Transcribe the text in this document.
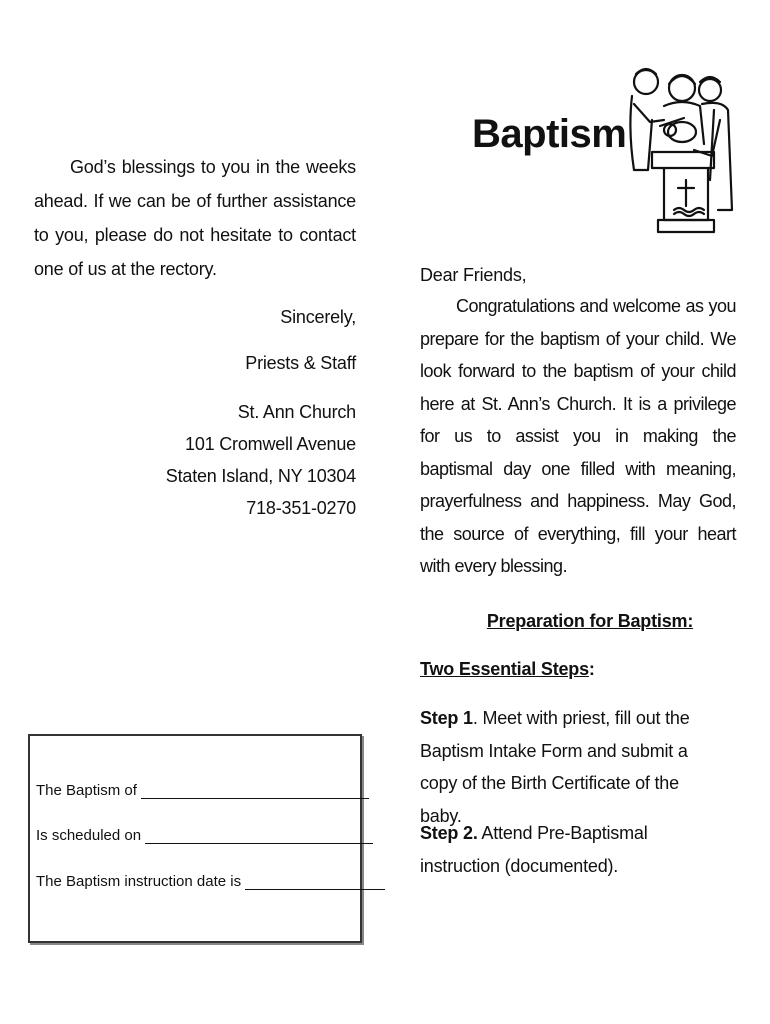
God’s blessings to you in the weeks ahead. If we can be of further assistance to you, please do not hesitate to contact one of us at the rectory.

Sincerely,

Priests & Staff

St. Ann Church
101 Cromwell Avenue
Staten Island, NY 10304
718-351-0270
The Baptism of
Is scheduled on
The Baptism instruction date is
Baptism

Dear Friends,

Congratulations and welcome as you prepare for the baptism of your child. We look forward to the baptism of your child here at St. Ann’s Church. It is a privilege for us to assist you in making the baptismal day one filled with meaning, prayerfulness and happiness. May God, the source of everything, fill your heart with every blessing.

Preparation for Baptism:

Two Essential Steps:

Step 1. Meet with priest, fill out the Baptism Intake Form and submit a copy of the Birth Certificate of the baby.

Step 2. Attend Pre-Baptismal instruction (documented).
